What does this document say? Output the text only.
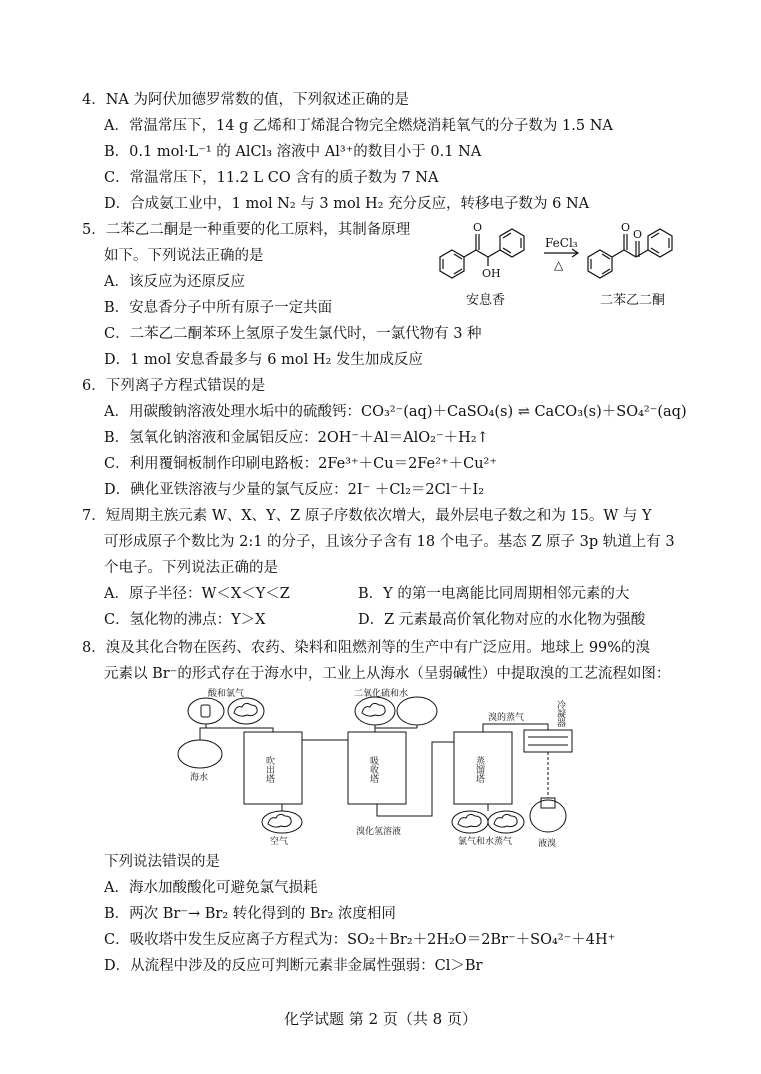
4．NA 为阿伏加德罗常数的值，下列叙述正确的是
A．常温常压下，14 g 乙烯和丁烯混合物完全燃烧消耗氧气的分子数为 1.5 NA
B．0.1 mol·L⁻¹ 的 AlCl₃ 溶液中 Al³⁺的数目小于 0.1 NA
C．常温常压下，11.2 L CO 含有的质子数为 7 NA
D．合成氨工业中，1 mol N₂ 与 3 mol H₂ 充分反应，转移电子数为 6 NA
5．二苯乙二酮是一种重要的化工原料，其制备原理
如下。下列说法正确的是
A．该反应为还原反应
B．安息香分子中所有原子一定共面
C．二苯乙二酮苯环上氢原子发生氯代时，一氯代物有 3 种
D．1 mol 安息香最多与 6 mol H₂ 发生加成反应
O
OH
O
O
FeCl₃
△
安息香	二苯乙二酮
6．下列离子方程式错误的是
A．用碳酸钠溶液处理水垢中的硫酸钙：CO₃²⁻(aq)＋CaSO₄(s) ⇌ CaCO₃(s)＋SO₄²⁻(aq)
B．氢氧化钠溶液和金属铝反应：2OH⁻＋Al＝AlO₂⁻＋H₂↑
C．利用覆铜板制作印刷电路板：2Fe³⁺＋Cu＝2Fe²⁺＋Cu²⁺
D．碘化亚铁溶液与少量的氯气反应：2I⁻ ＋Cl₂＝2Cl⁻＋I₂
7．短周期主族元素 W、X、Y、Z 原子序数依次增大，最外层电子数之和为 15。W 与 Y
可形成原子个数比为 2:1 的分子，且该分子含有 18 个电子。基态 Z 原子 3p 轨道上有 3
个电子。下列说法正确的是
A．原子半径：W＜X＜Y＜Z	B．Y 的第一电离能比同周期相邻元素的大
C．氢化物的沸点：Y＞X	D．Z 元素最高价氧化物对应的水化物为强酸
8．溴及其化合物在医药、农药、染料和阻燃剂等的生产中有广泛应用。地球上 99%的溴
元素以 Br⁻的形式存在于海水中，工业上从海水（呈弱碱性）中提取溴的工艺流程如图：
酸和氯气	二氧化硫和水
海水	吹出塔	吸收塔	蒸馏塔
空气
溴化氢溶液
氯气和水蒸气
溴的蒸气	冷凝器
液溴
下列说法错误的是
A．海水加酸酸化可避免氯气损耗
B．两次 Br⁻→ Br₂ 转化得到的 Br₂ 浓度相同
C．吸收塔中发生反应离子方程式为：SO₂＋Br₂＋2H₂O＝2Br⁻＋SO₄²⁻＋4H⁺
D．从流程中涉及的反应可判断元素非金属性强弱：Cl＞Br
化学试题 第 2 页（共 8 页）
